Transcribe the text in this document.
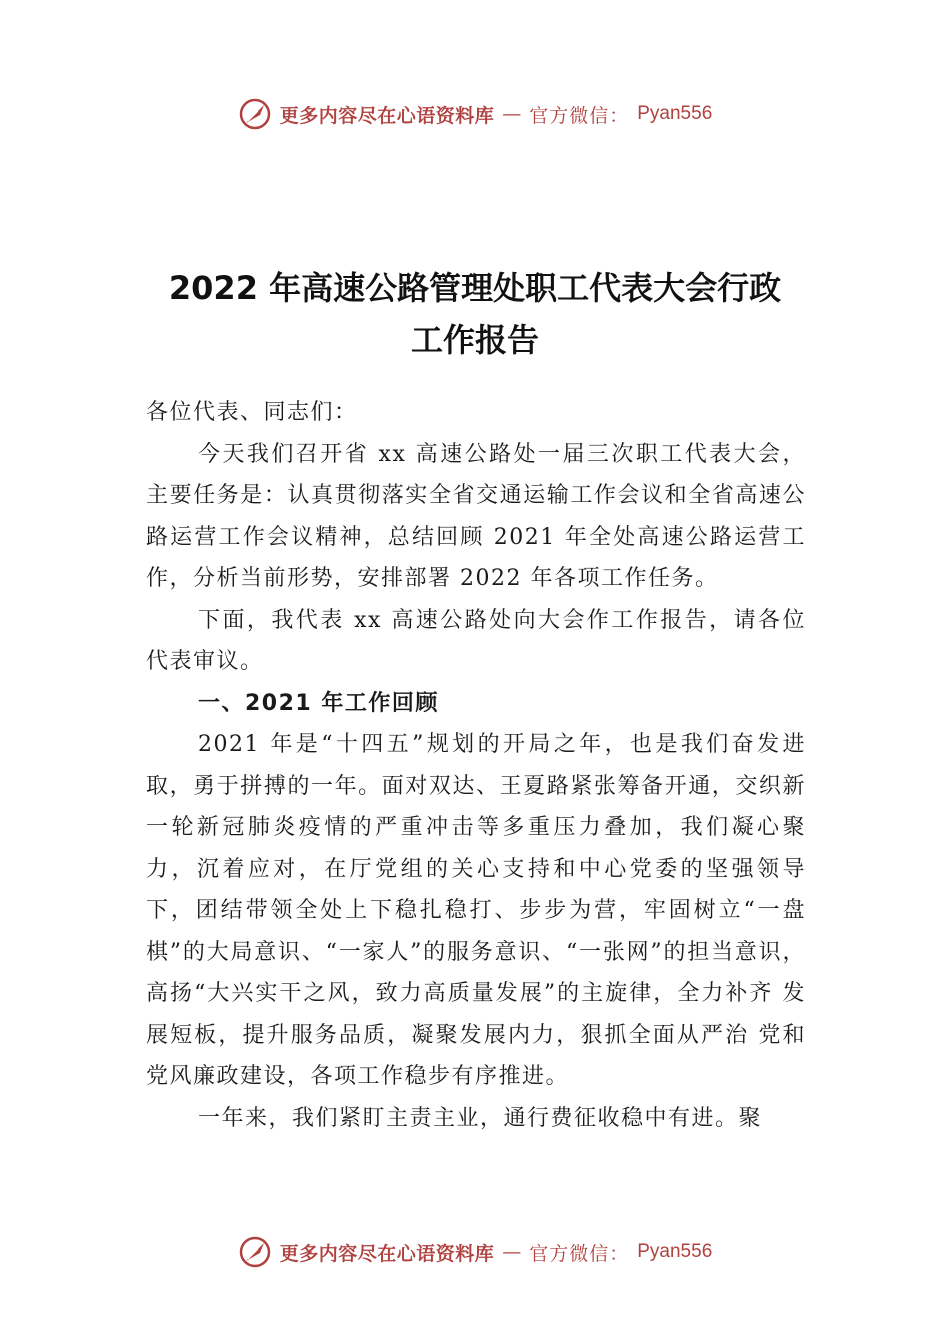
更多内容尽在心语资料库 — 官方微信： Pyan556
2022 年高速公路管理处职工代表大会行政
工作报告

各位代表、同志们：

今天我们召开省 xx 高速公路处一届三次职工代表大会，主要任务是：认真贯彻落实全省交通运输工作会议和全省高速公路运营工作会议精神，总结回顾 2021 年全处高速公路运营工作，分析当前形势，安排部署 2022 年各项工作任务。

下面，我代表 xx 高速公路处向大会作工作报告，请各位代表审议。

一、2021 年工作回顾

2021 年是“十四五”规划的开局之年，也是我们奋发进取，勇于拼搏的一年。面对双达、王夏路紧张筹备开通，交织新 一轮新冠肺炎疫情的严重冲击等多重压力叠加，我们凝心聚 力，沉着应对，在厅党组的关心支持和中心党委的坚强领导 下，团结带领全处上下稳扎稳打、步步为营，牢固树立“一盘 棋”的大局意识、“一家人”的服务意识、“一张网”的担当意识， 高扬“大兴实干之风，致力高质量发展”的主旋律，全力补齐 发展短板，提升服务品质，凝聚发展内力，狠抓全面从严治 党和党风廉政建设，各项工作稳步有序推进。

一年来，我们紧盯主责主业，通行费征收稳中有进。聚

更多内容尽在心语资料库 — 官方微信： Pyan556
